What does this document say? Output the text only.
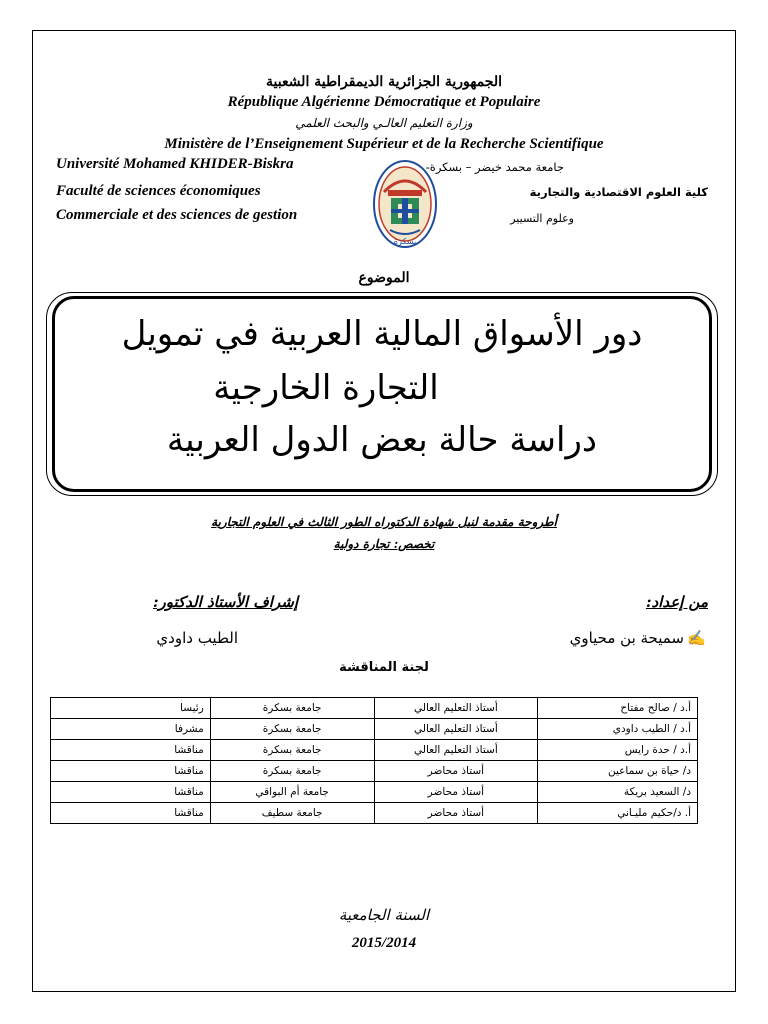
الجمهورية الجزائرية الديمقراطية الشعبية
République Algérienne Démocratique et Populaire
وزارة التعليم العالـي والبحث العلمي
Ministère de l’Enseignement Supérieur et de la Recherche Scientifique
Université Mohamed KHIDER-Biskra
Faculté de sciences économiques
Commerciale et des sciences de gestion
جامعة محمد خيضر – بسكرة-
كلية العلوم الاقتصادية والتجارية
وعلوم التسيير
بسكرة
الموضوع
دور الأسواق المالية العربية في تمويل
التجارة الخارجية
دراسة حالة بعض الدول العربية
أطروحة مقدمة لنيل شهادة الدكتوراه الطور الثالث في العلوم التجارية
تخصص: تجارة دولية
من إعداد:
إشراف الأستاذ الدكتور:
✍
سميحة بن محياوي
الطيب داودي
لجنة المناقشة
أ.د / صالح مفتاح	أستاذ التعليم العالي	جامعة بسكرة	رئيسا
أ.د / الطيب داودي	أستاذ التعليم العالي	جامعة بسكرة	مشرفا
أ.د / حدة رايس	أستاذ التعليم العالي	جامعة بسكرة	مناقشا
د/ حياة بن سماعين	أستاذ محاضر	جامعة بسكرة	مناقشا
د/ السعيد بريكة	أستاذ محاضر	جامعة أم البواقي	مناقشا
أ. د/حكيم مليـاني	أستاذ محاضر	جامعة سطيف	مناقشا
السنة الجامعية
2015/2014
